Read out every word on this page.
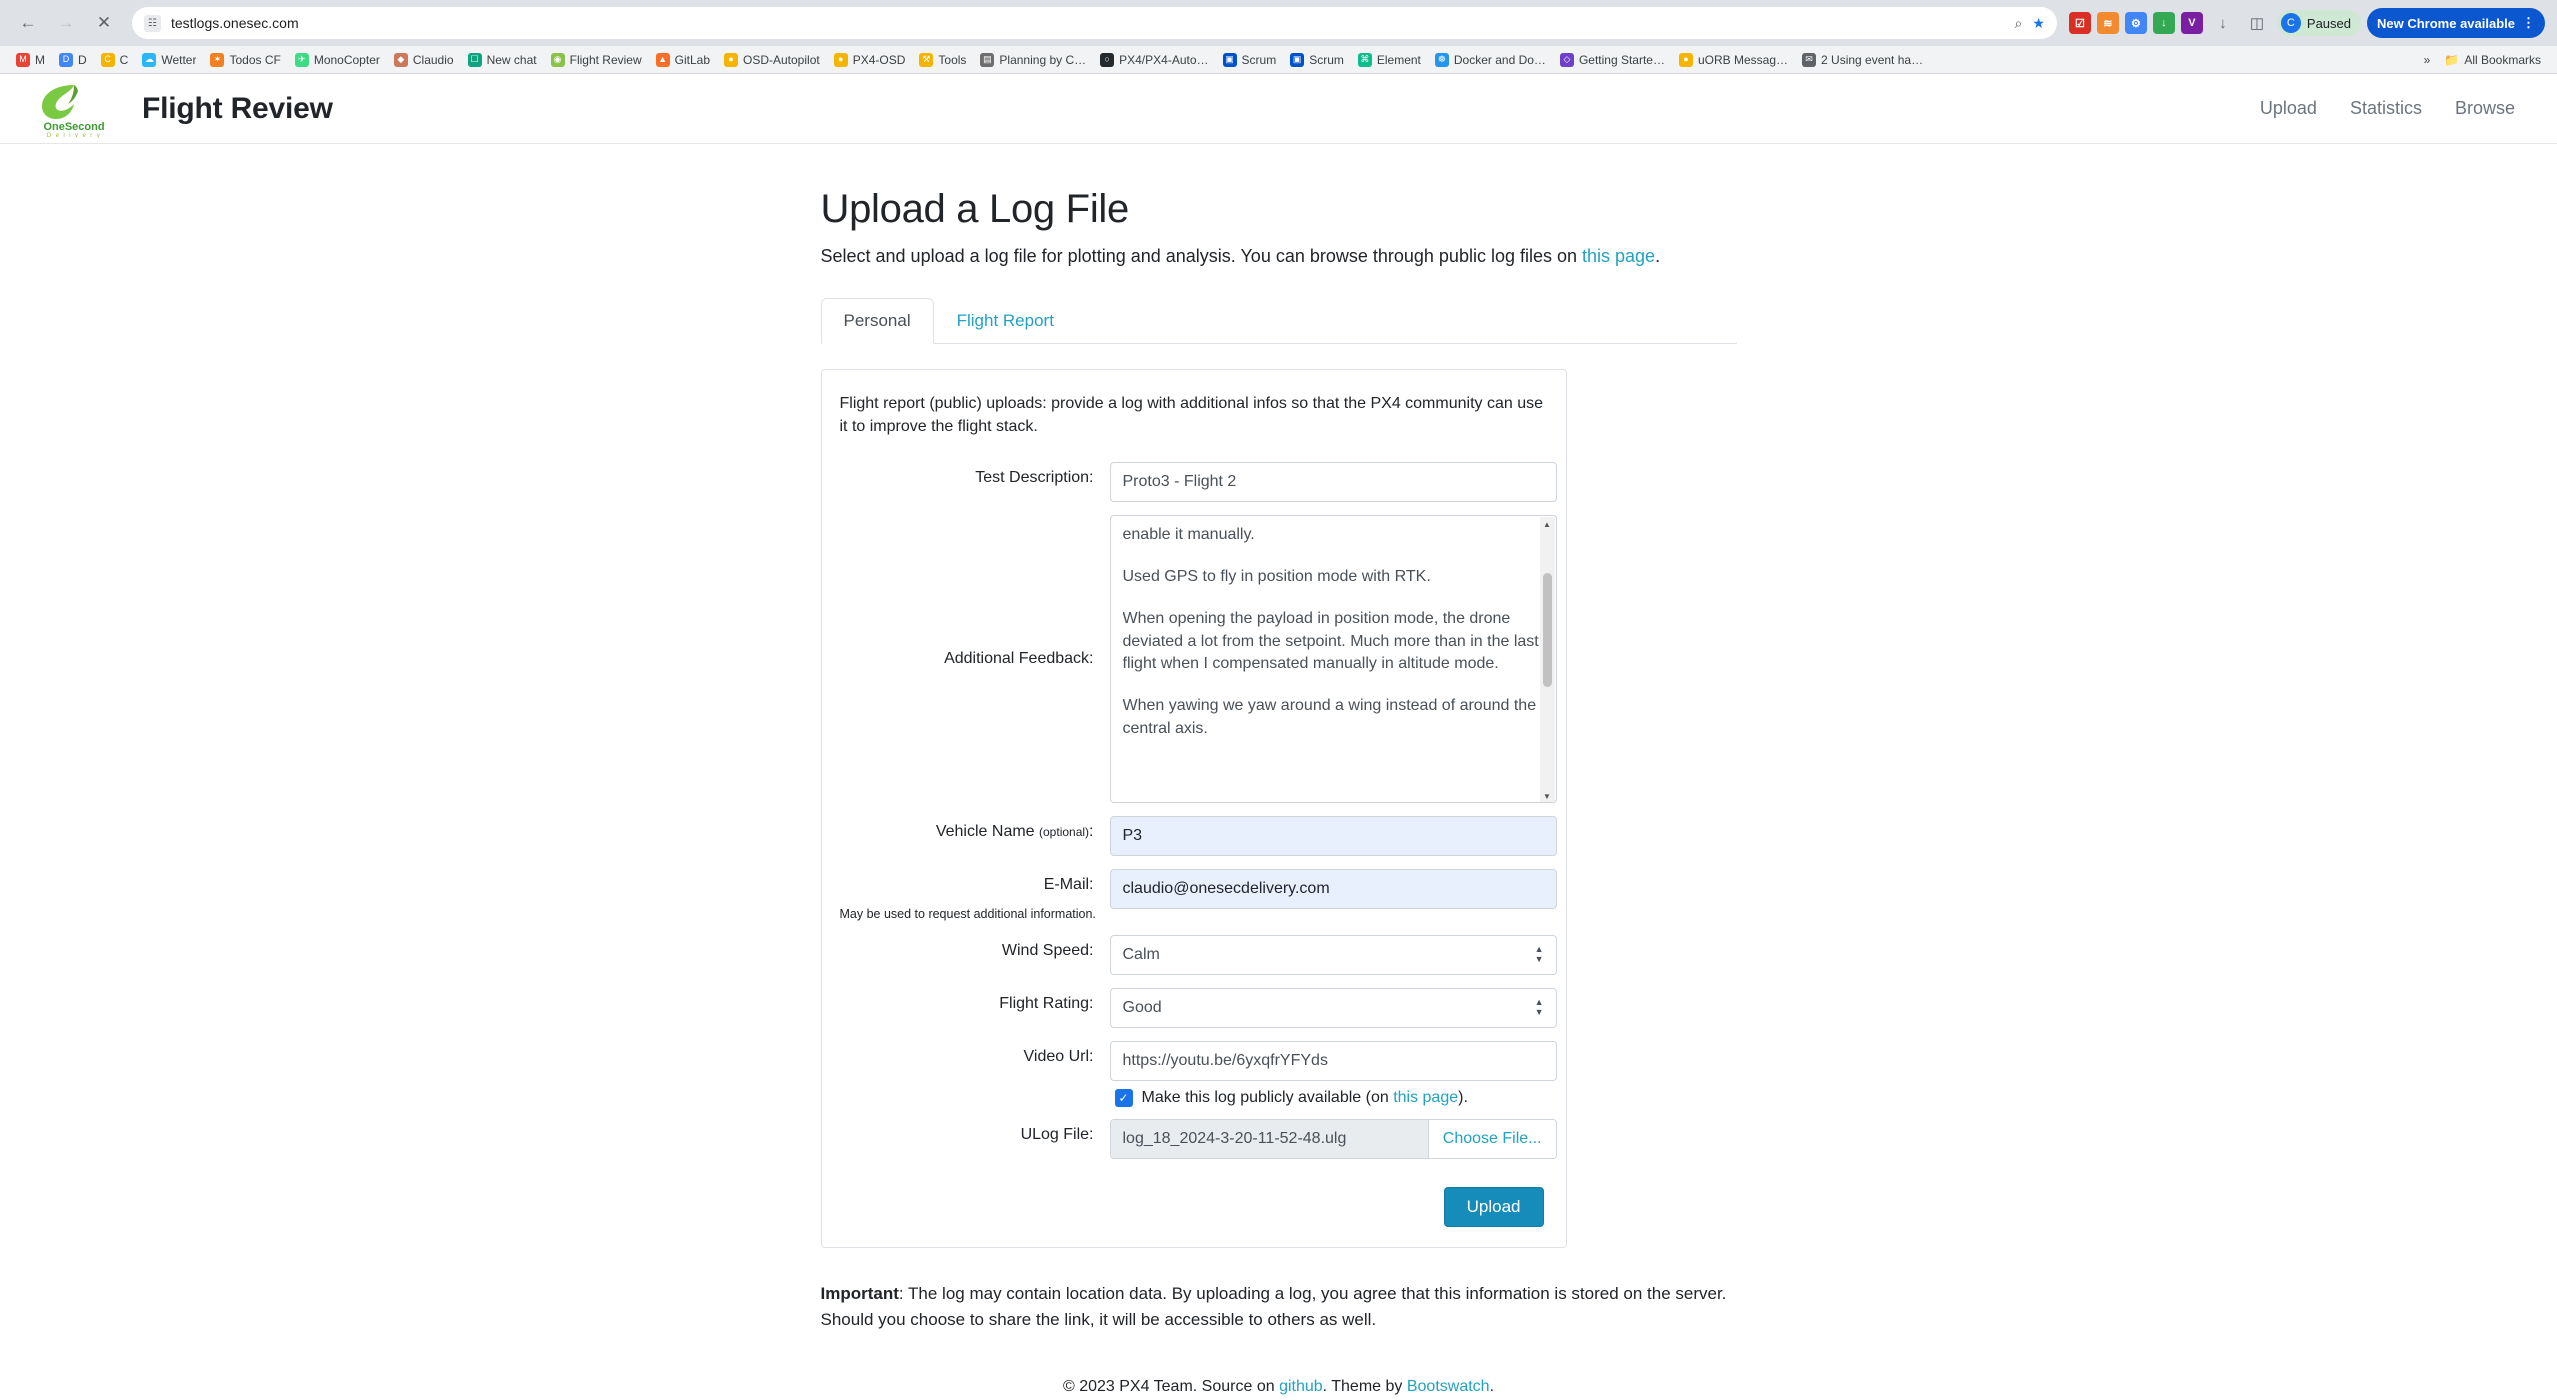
←	→	✕	☷ testlogs.onesec.com	⌕ ★	☑	≋	⚙	↓	V	↓	◫	C Paused New Chrome available ⋮
M M	D D	C C ☁ Wetter	✶ Todos CF	✈ MonoCopter	◆ Claudio	☐ New chat	◉ Flight Review ▲ GitLab	● OSD-Autopilot	● PX4-OSD	⚒ Tools	▤ Planning by C…	○ PX4/PX4-Auto…	▣ Scrum	▣ Scrum ⌘ Element	☸ Docker and Do…	◇ Getting Starte…	● uORB Messag…	✉ 2 Using event ha…	»	📁 All Bookmarks
OneSecond
D e l i v e r y
Flight Review	Upload Statistics Browse
Upload a Log File

Select and upload a log file for plotting and analysis. You can browse through public log files on this page.

Personal	Flight Report

Flight report (public) uploads: provide a log with additional infos so that the PX4 community can use it to improve the flight stack.

Test Description:	Proto3 - Flight 2
Additional Feedback:

enable it manually.

Used GPS to fly in position mode with RTK.

When opening the payload in position mode, the drone deviated a lot from the setpoint. Much more than in the last flight when I compensated manually in altitude mode.

When yawing we yaw around a wing instead of around the central axis.

▲
▼
Vehicle Name (optional):	P3
E-Mail:	claudio@onesecdelivery.com
May be used to request additional information.
Wind Speed:	Calm	▲
▼
Flight Rating:	Good	▲
▼
Video Url:	https://youtu.be/6yxqfrYFYds
✓ Make this log publicly available (on this page).
ULog File:	log_18_2024-3-20-11-52-48.ulg	Choose File...
Upload
Important: The log may contain location data. By uploading a log, you agree that this information is stored on the server. Should you choose to share the link, it will be accessible to others as well.
© 2023 PX4 Team. Source on github. Theme by Bootswatch.
